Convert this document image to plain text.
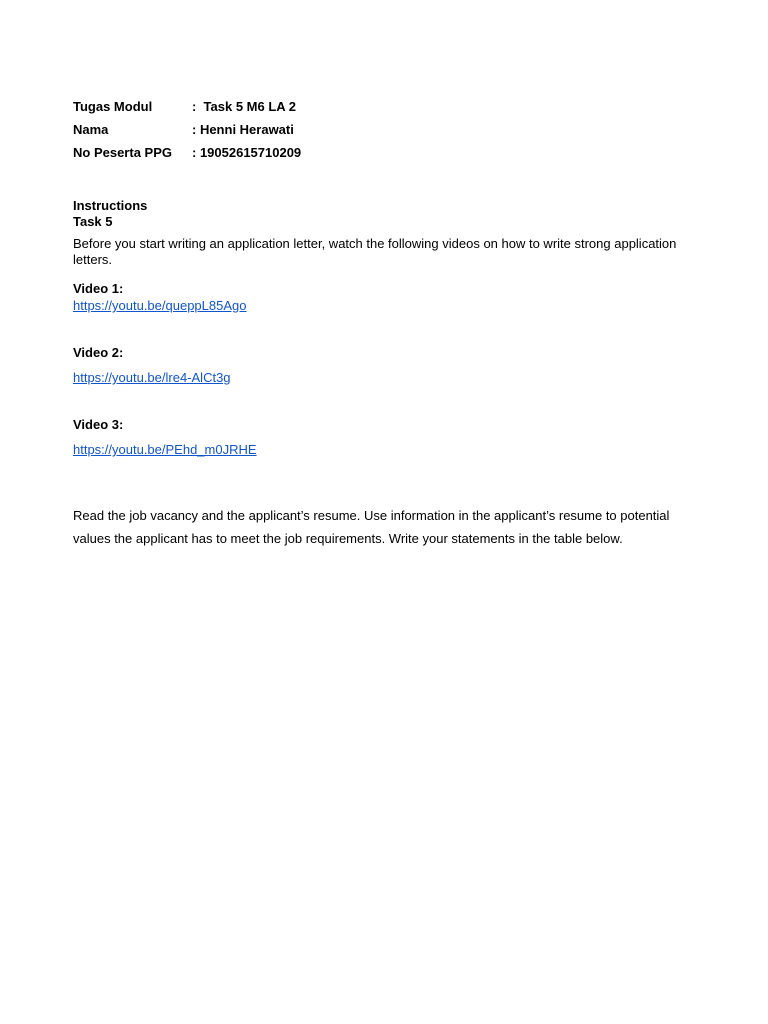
Tugas Modul	:  Task 5 M6 LA 2
Nama	: Henni Herawati
No Peserta PPG	: 19052615710209
Instructions
Task 5
Before you start writing an application letter, watch the following videos on how to write strong application letters.
Video 1:
https://youtu.be/queppL85Ago
Video 2:
https://youtu.be/lre4-AlCt3g
Video 3:
https://youtu.be/PEhd_m0JRHE
Read the job vacancy and the applicant’s resume. Use information in the applicant’s resume to potential values the applicant has to meet the job requirements. Write your statements in the table below.
